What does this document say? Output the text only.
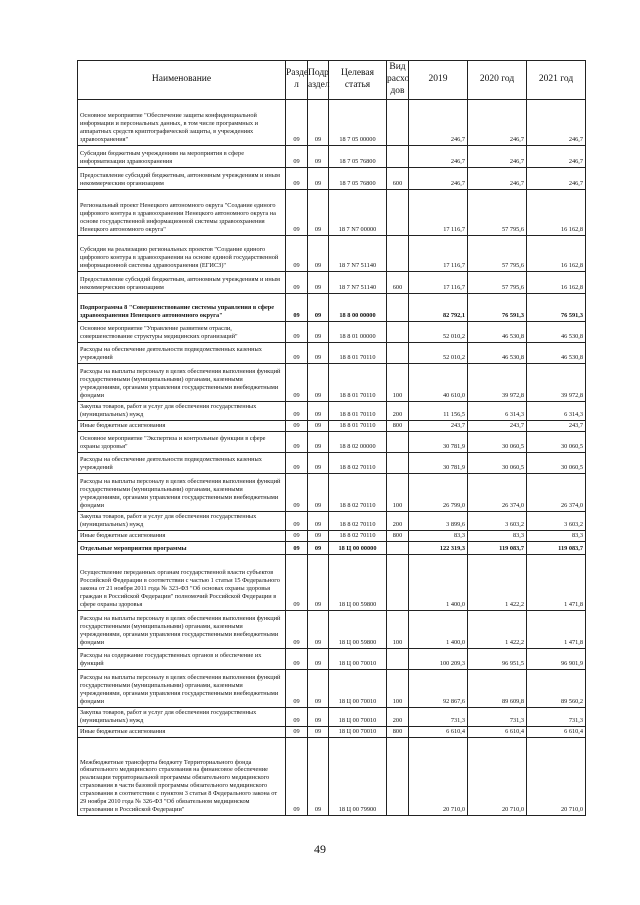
Наименование	Разде л	Подр аздел	Целевая статья	Вид расхо дов	2019	2020 год	2021 год
Основное мероприятие "Обеспечение защиты конфиденциальной информации и персональных данных, в том числе программных и аппаратных средств криптографической защиты, в учреждениях здравоохранения"	09	09	18 7 05 00000		246,7	246,7	246,7
Субсидии бюджетным учреждениям на мероприятия в сфере информатизации здравоохранения	09	09	18 7 05 76800		246,7	246,7	246,7
Предоставление субсидий бюджетным, автономным учреждениям и иным некоммерческим организациям	09	09	18 7 05 76800	600	246,7	246,7	246,7
Региональный проект Ненецкого автономного округа "Создание единого цифрового контура в здравоохранении Ненецкого автономного округа на основе государственной информационной системы здравоохранения Ненецкого автономного округа"	09	09	18 7 N7 00000		17 116,7	57 795,6	16 162,8
Субсидия на реализацию региональных проектов "Создание единого цифрового контура в здравоохранении на основе единой государственной информационной системы здравоохранения (ЕГИСЗ)"	09	09	18 7 N7 51140		17 116,7	57 795,6	16 162,8
Предоставление субсидий бюджетным, автономным учреждениям и иным некоммерческим организациям	09	09	18 7 N7 51140	600	17 116,7	57 795,6	16 162,8
Подпрограмма 8 "Совершенствование системы управления в сфере здравоохранения Ненецкого автономного округа"	09	09	18 8 00 00000		82 792,1	76 591,3	76 591,3
Основное мероприятие "Управление развитием отрасли, совершенствование структуры медицинских организаций"	09	09	18 8 01 00000		52 010,2	46 530,8	46 530,8
Расходы на обеспечение деятельности подведомственных казенных учреждений	09	09	18 8 01 70110		52 010,2	46 530,8	46 530,8
Расходы на выплаты персоналу в целях обеспечения выполнения функций государственными (муниципальными) органами, казенными учреждениями, органами управления государственными внебюджетными фондами	09	09	18 8 01 70110	100	40 610,0	39 972,8	39 972,8
Закупка товаров, работ и услуг для обеспечения государственных (муниципальных) нужд	09	09	18 8 01 70110	200	11 156,5	6 314,3	6 314,3
Иные бюджетные ассигнования	09	09	18 8 01 70110	800	243,7	243,7	243,7
Основное мероприятие "Экспертиза и контрольные функции в сфере охраны здоровья"	09	09	18 8 02 00000		30 781,9	30 060,5	30 060,5
Расходы на обеспечение деятельности подведомственных казенных учреждений	09	09	18 8 02 70110		30 781,9	30 060,5	30 060,5
Расходы на выплаты персоналу в целях обеспечения выполнения функций государственными (муниципальными) органами, казенными учреждениями, органами управления государственными внебюджетными фондами	09	09	18 8 02 70110	100	26 799,0	26 374,0	26 374,0
Закупка товаров, работ и услуг для обеспечения государственных (муниципальных) нужд	09	09	18 8 02 70110	200	3 899,6	3 603,2	3 603,2
Иные бюджетные ассигнования	09	09	18 8 02 70110	800	83,3	83,3	83,3
Отдельные мероприятия программы	09	09	18 Ц 00 00000		122 319,3	119 083,7	119 083,7
Осуществление переданных органам государственной власти субъектов Российской Федерации в соответствии с частью 1 статьи 15 Федерального закона от 21 ноября 2011 года № 323-ФЗ "Об основах охраны здоровья граждан в Российской Федерации" полномочий Российской Федерации в сфере охраны здоровья	09	09	18 Ц 00 59800		1 400,0	1 422,2	1 471,8
Расходы на выплаты персоналу в целях обеспечения выполнения функций государственными (муниципальными) органами, казенными учреждениями, органами управления государственными внебюджетными фондами	09	09	18 Ц 00 59800	100	1 400,0	1 422,2	1 471,8
Расходы на содержание государственных органов и обеспечение их функций	09	09	18 Ц 00 70010		100 209,3	96 951,5	96 901,9
Расходы на выплаты персоналу в целях обеспечения выполнения функций государственными (муниципальными) органами, казенными учреждениями, органами управления государственными внебюджетными фондами	09	09	18 Ц 00 70010	100	92 867,6	89 609,8	89 560,2
Закупка товаров, работ и услуг для обеспечения государственных (муниципальных) нужд	09	09	18 Ц 00 70010	200	731,3	731,3	731,3
Иные бюджетные ассигнования	09	09	18 Ц 00 70010	800	6 610,4	6 610,4	6 610,4
Межбюджетные трансферты бюджету Территориального фонда обязательного медицинского страхования на финансовое обеспечение реализации территориальной программы обязательного медицинского страхования в части базовой программы обязательного медицинского страхования в соответствии с пунктом 3 статьи 8 Федерального закона от 29 ноября 2010 года № 326-ФЗ "Об обязательном медицинском страховании в Российской Федерации"	09	09	18 Ц 00 79900		20 710,0	20 710,0	20 710,0
49
